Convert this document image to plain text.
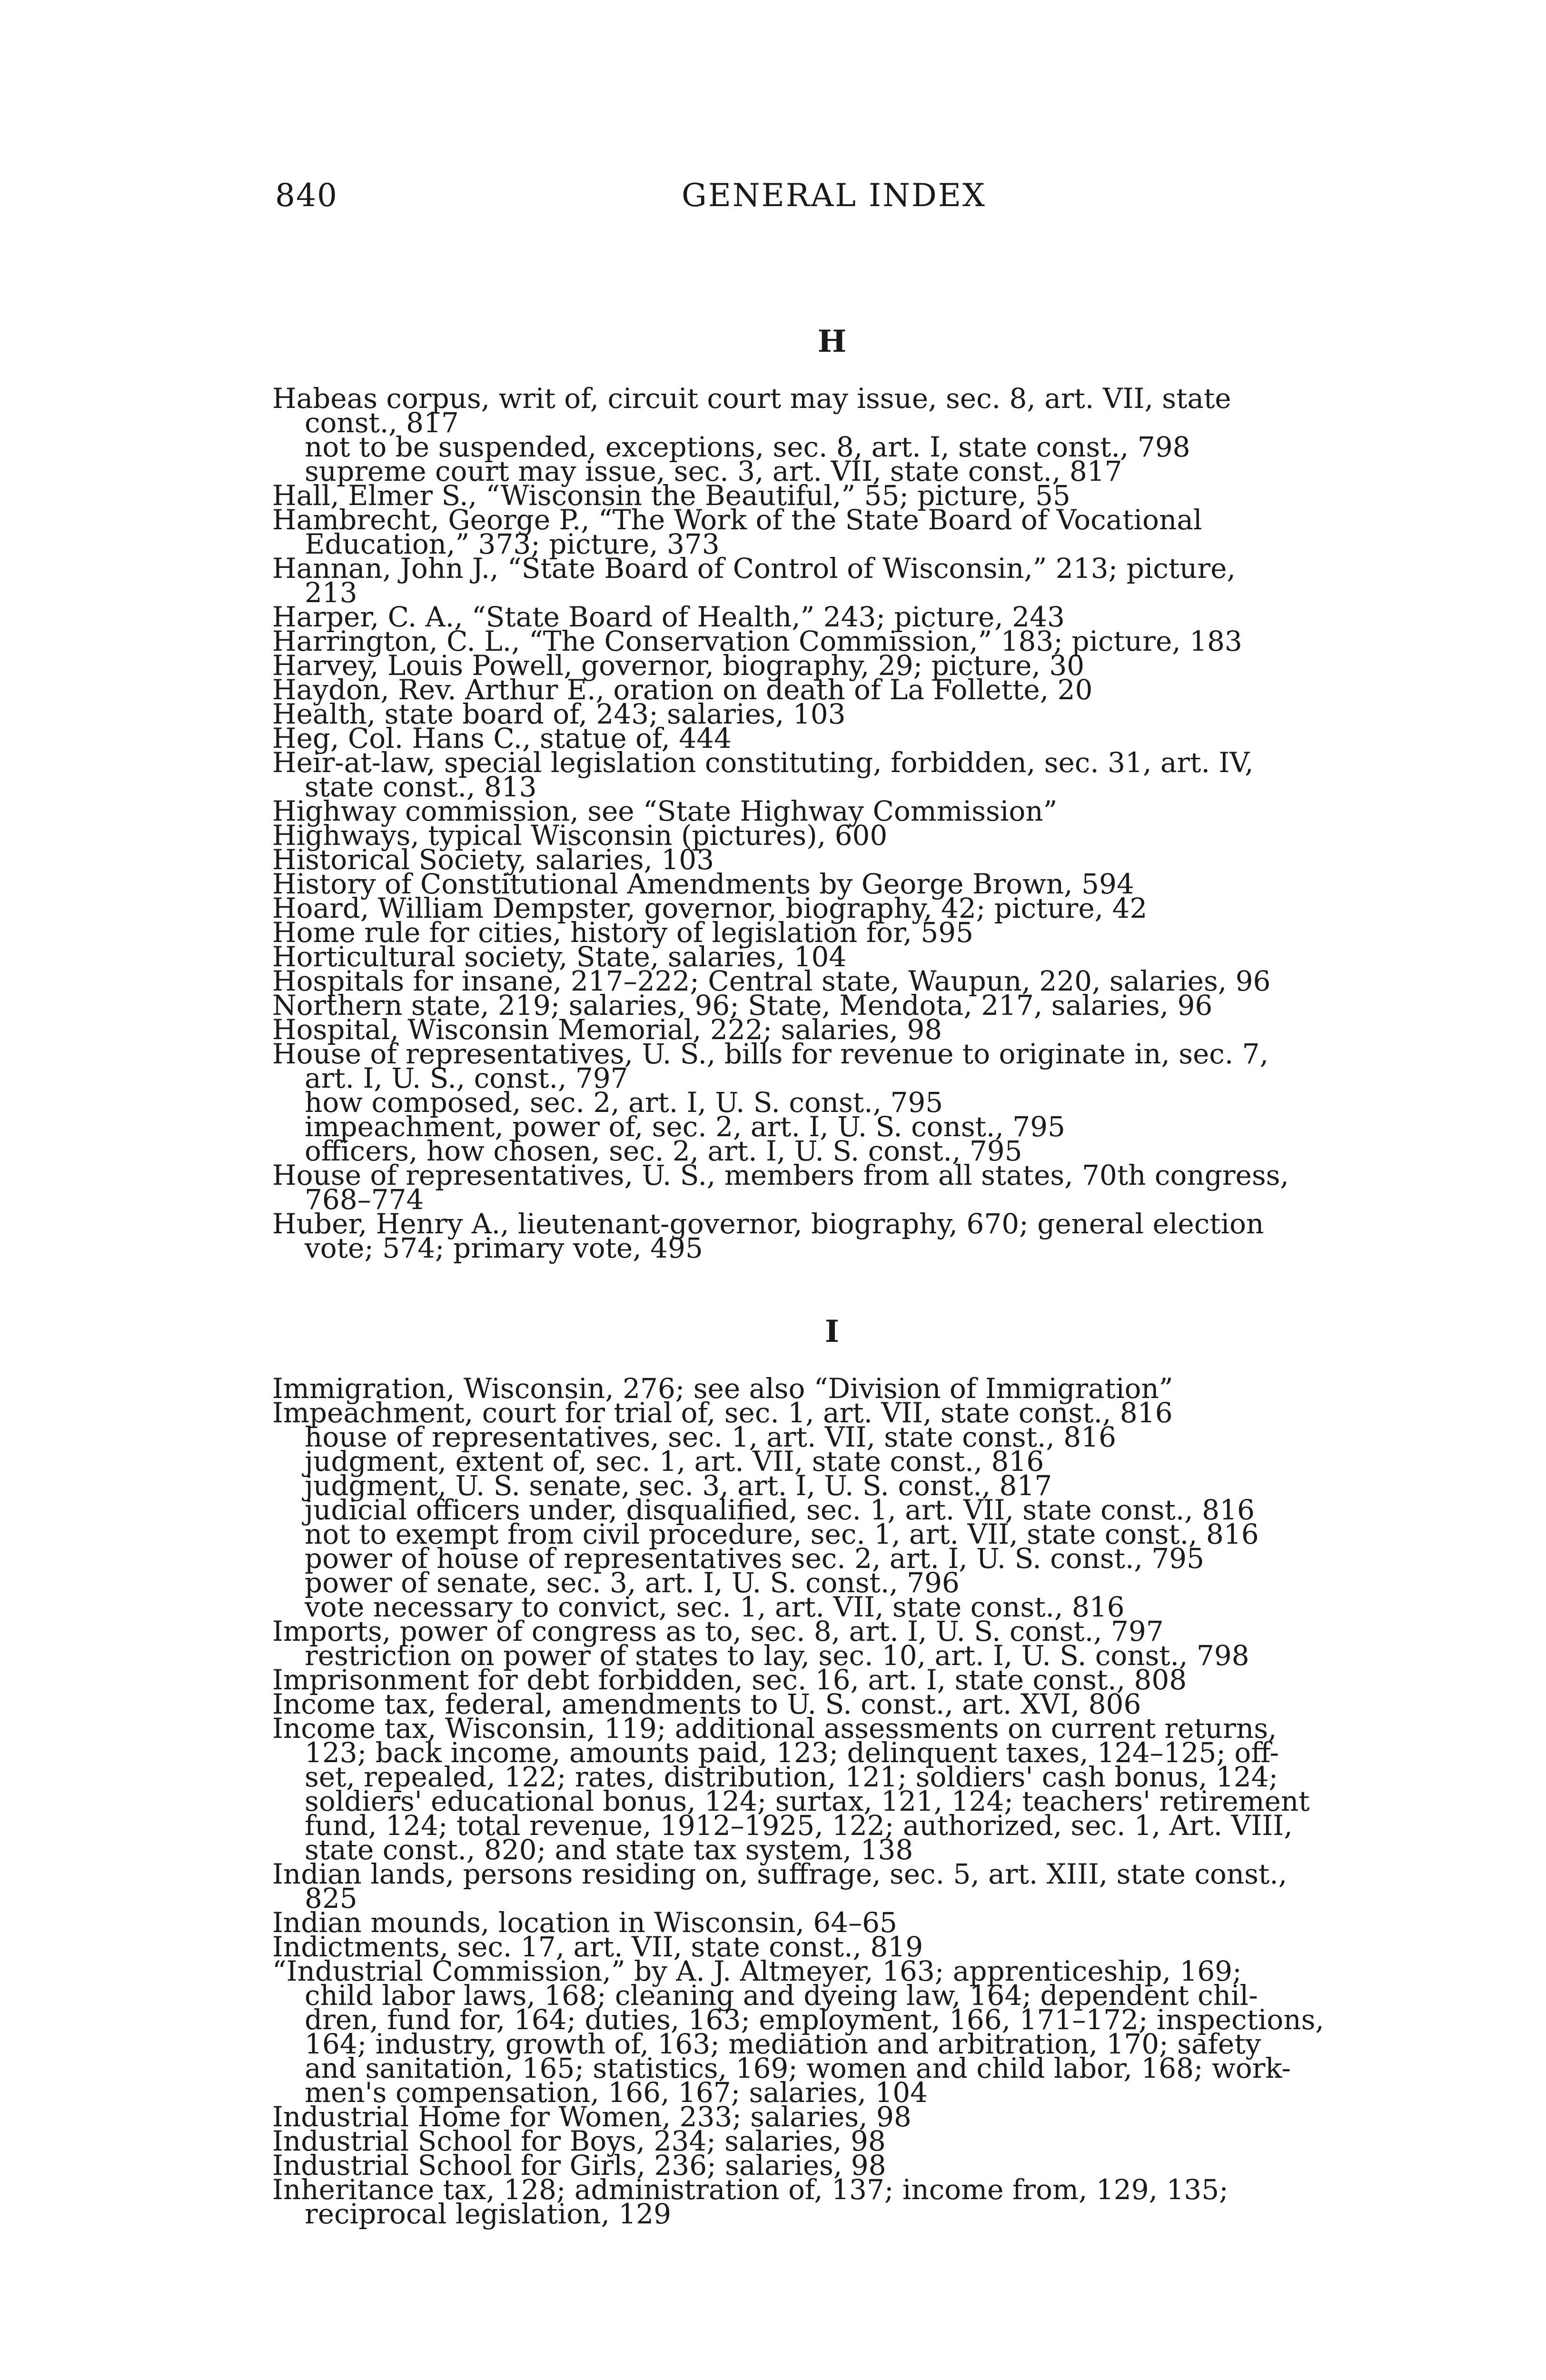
840	GENERAL INDEX
H
Habeas corpus, writ of, circuit court may issue, sec. 8, art. VII, state
const., 817
not to be suspended, exceptions, sec. 8, art. I, state const., 798
supreme court may issue, sec. 3, art. VII, state const., 817
Hall, Elmer S., “Wisconsin the Beautiful,” 55; picture, 55
Hambrecht, George P., “The Work of the State Board of Vocational
Education,” 373; picture, 373
Hannan, John J., “State Board of Control of Wisconsin,” 213; picture,
213
Harper, C. A., “State Board of Health,” 243; picture, 243
Harrington, C. L., “The Conservation Commission,” 183; picture, 183
Harvey, Louis Powell, governor, biography, 29; picture, 30
Haydon, Rev. Arthur E., oration on death of La Follette, 20
Health, state board of, 243; salaries, 103
Heg, Col. Hans C., statue of, 444
Heir-at-law, special legislation constituting, forbidden, sec. 31, art. IV,
state const., 813
Highway commission, see “State Highway Commission”
Highways, typical Wisconsin (pictures), 600
Historical Society, salaries, 103
History of Constitutional Amendments by George Brown, 594
Hoard, William Dempster, governor, biography, 42; picture, 42
Home rule for cities, history of legislation for, 595
Horticultural society, State, salaries, 104
Hospitals for insane, 217–222; Central state, Waupun, 220, salaries, 96
Northern state, 219; salaries, 96; State, Mendota, 217, salaries, 96
Hospital, Wisconsin Memorial, 222; salaries, 98
House of representatives, U. S., bills for revenue to originate in, sec. 7,
art. I, U. S., const., 797
how composed, sec. 2, art. I, U. S. const., 795
impeachment, power of, sec. 2, art. I, U. S. const., 795
officers, how chosen, sec. 2, art. I, U. S. const., 795
House of representatives, U. S., members from all states, 70th congress,
768–774
Huber, Henry A., lieutenant-governor, biography, 670; general election
vote; 574; primary vote, 495
I
Immigration, Wisconsin, 276; see also “Division of Immigration”
Impeachment, court for trial of, sec. 1, art. VII, state const., 816
house of representatives, sec. 1, art. VII, state const., 816
judgment, extent of, sec. 1, art. VII, state const., 816
judgment, U. S. senate, sec. 3, art. I, U. S. const., 817
judicial officers under, disqualified, sec. 1, art. VII, state const., 816
not to exempt from civil procedure, sec. 1, art. VII, state const., 816
power of house of representatives sec. 2, art. I, U. S. const., 795
power of senate, sec. 3, art. I, U. S. const., 796
vote necessary to convict, sec. 1, art. VII, state const., 816
Imports, power of congress as to, sec. 8, art. I, U. S. const., 797
restriction on power of states to lay, sec. 10, art. I, U. S. const., 798
Imprisonment for debt forbidden, sec. 16, art. I, state const., 808
Income tax, federal, amendments to U. S. const., art. XVI, 806
Income tax, Wisconsin, 119; additional assessments on current returns,
123; back income, amounts paid, 123; delinquent taxes, 124–125; off-
set, repealed, 122; rates, distribution, 121; soldiers' cash bonus, 124;
soldiers' educational bonus, 124; surtax, 121, 124; teachers' retirement
fund, 124; total revenue, 1912–1925, 122; authorized, sec. 1, Art. VIII,
state const., 820; and state tax system, 138
Indian lands, persons residing on, suffrage, sec. 5, art. XIII, state const.,
825
Indian mounds, location in Wisconsin, 64–65
Indictments, sec. 17, art. VII, state const., 819
“Industrial Commission,” by A. J. Altmeyer, 163; apprenticeship, 169;
child labor laws, 168; cleaning and dyeing law, 164; dependent chil-
dren, fund for, 164; duties, 163; employment, 166, 171–172; inspections,
164; industry, growth of, 163; mediation and arbitration, 170; safety
and sanitation, 165; statistics, 169; women and child labor, 168; work-
men's compensation, 166, 167; salaries, 104
Industrial Home for Women, 233; salaries, 98
Industrial School for Boys, 234; salaries, 98
Industrial School for Girls, 236; salaries, 98
Inheritance tax, 128; administration of, 137; income from, 129, 135;
reciprocal legislation, 129
